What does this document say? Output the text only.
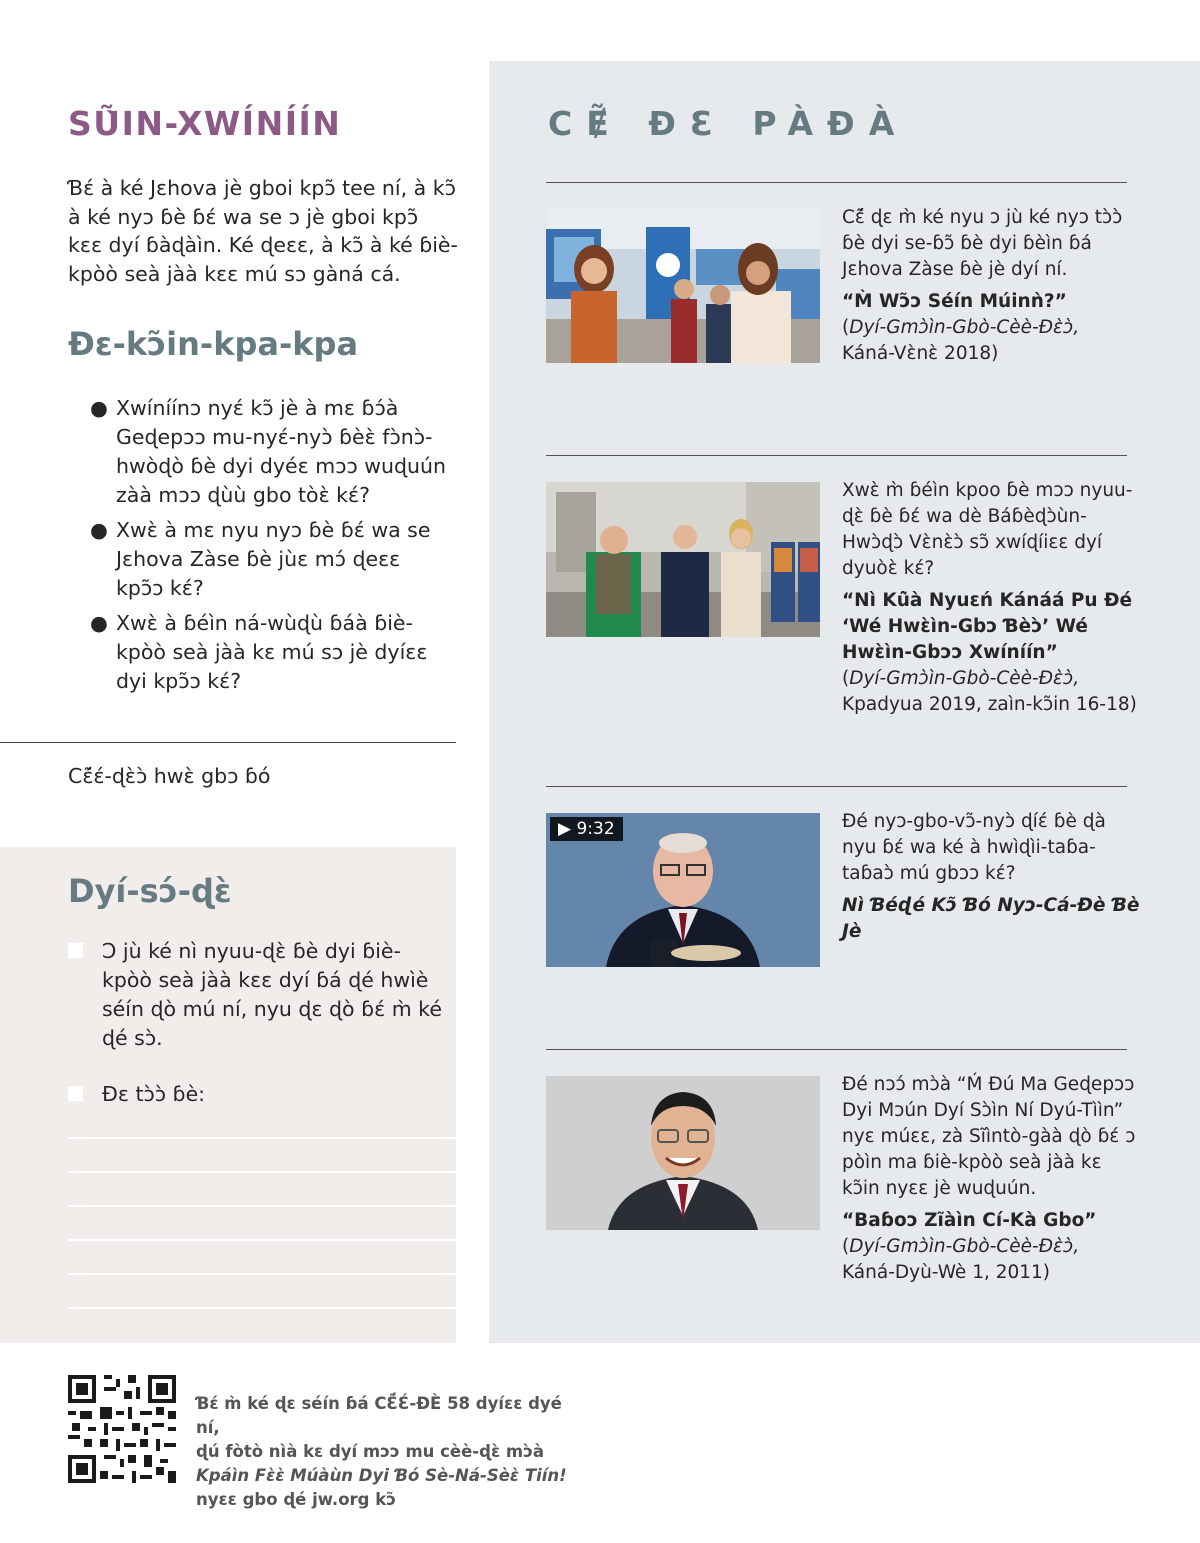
SŨ̀IN-XWÍNÍÍN

Ɓɛ́ à ké Jɛhova jè gboi kpɔ̃ tee ní, à kɔ̃ à ké nyɔ ɓè ɓɛ́ wa se ɔ jè gboi kpɔ̃ kɛɛ dyí ɓàɖàìn. Ké ɖeɛɛ, à kɔ̃ à ké ɓiè-kpòò seà jàà kɛɛ mú sɔ gàná cá.

Đɛ-kɔ̃in-kpa-kpa
● Xwíníínɔ nyɛ́ kɔ̃ jè à mɛ ɓɔ́à Geɖepɔɔ mu-nyɛ́-nyɔ̀ ɓèɛ̀ fɔ̀nɔ̀-hwòɖò ɓè dyi dyéɛ mɔɔ wuɖuún zàà mɔɔ ɖùù gbo tòɛ̀ kɛ́?
● Xwɛ̀ à mɛ nyu nyɔ ɓè ɓɛ́ wa se Jɛhova Zàse ɓè jùɛ mɔ́ ɖeɛɛ kpɔ̃ɔ kɛ́?
● Xwɛ̀ à ɓéìn ná-wùɖù ɓáà ɓiè-kpòò seà jàà kɛ mú sɔ jè dyíɛɛ dyi kpɔ̃ɔ kɛ́?

Cɛ̃́ɛ́-ɖɛ̀ɔ̀ hwɛ̀ gbɔ ɓó

Dyí-sɔ́-ɖɛ̀
Ɔ jù ké nì nyuu-ɖɛ̀ ɓè dyi ɓiè-kpòò seà jàà kɛɛ dyí ɓá ɖé hwìè séín ɖò mú ní, nyu ɖɛ ɖò ɓɛ́ m̀ ké ɖé sɔ̀.
Đɛ tɔ̀ɔ̀ ɓè:
CɆ̃ ĐƐ PÀĐÀ
Cɛ̃́ ɖɛ m̀ ké nyu ɔ jù ké nyɔ tɔ̀ɔ̀ ɓè dyi se-ɓɔ̃ ɓè dyi ɓèìn ɓá Jɛhova Zàse ɓè jè dyí ní.
“M̀ Wɔ̃ɔ Séín Múinǹ?”
(Dyí-Gmɔ̀ìn-Gbò-Cèè-Đɛ̀ɔ̀,
Káná-Vɛ̀nɛ̀ 2018)
Xwɛ̀ m̀ ɓéìn kpoo ɓè mɔɔ nyuu-ɖɛ̀ ɓè ɓɛ́ wa dè Báɓèɖɔ̀ùn-Hwɔ̀ɖɔ̀ Vɛ̀nɛ̀ɔ̀ sɔ̃ xwíɖíiɛɛ dyí dyuòɛ̀ kɛ́?
“Nì Kũ̀à Nyuɛń Kánáá Pu Đé ‘Wé Hwɛ̀ìn-Gbɔ Ɓèɔ̀’ Wé Hwɛ̀ìn-Gbɔɔ Xwíníín”
(Dyí-Gmɔ̀ìn-Gbò-Cèè-Đɛ̀ɔ̀,
Kpadyua 2019, zaìn-kɔ̃in 16-18)
▶ 9:32	Đé nyɔ-gbo-vɔ̃-nyɔ̀ ɖíɛ́ ɓè ɖà nyu ɓɛ́ wa ké à hwìɖìi-taɓa-taɓaɔ̀ mú gbɔɔ kɛ́?
Nì Ɓéɖé Kɔ̃ Ɓó Nyɔ-Cá-Đè Ɓè Jè
Đé nɔɔ́ mɔ̀à “Ḿ Đú Ma Geɖepɔɔ Dyi Mɔún Dyí Sɔ̀ìn Ní Dyú-Tììn” nyɛ múɛɛ, zà Sĩìntò-gàà ɖò ɓɛ́ ɔ pòìn ma ɓiè-kpòò seà jàà kɛ kɔ̃in nyɛɛ jè wuɖuún.
“Baɓoɔ Zĩàìn Cí-Kà Gbo”
(Dyí-Gmɔ̀ìn-Gbò-Cèè-Đɛ̀ɔ̀,
Káná-Dyù-Wè 1, 2011)
Ɓɛ́ m̀ ké ɖɛ séín ɓá CƐ̃́Ɛ́-ĐÈ 58 dyíɛɛ dyé ní,
ɖú fòtò nìà kɛ dyí mɔɔ mu cèè-ɖɛ̀ mɔ̀à
Kpáìn Fɛ̀ɛ̀ Múàùn Dyi Ɓó Sè-Ná-Sèɛ̀ Tiín!
nyɛɛ gbo ɖé jw.org kɔ̃
